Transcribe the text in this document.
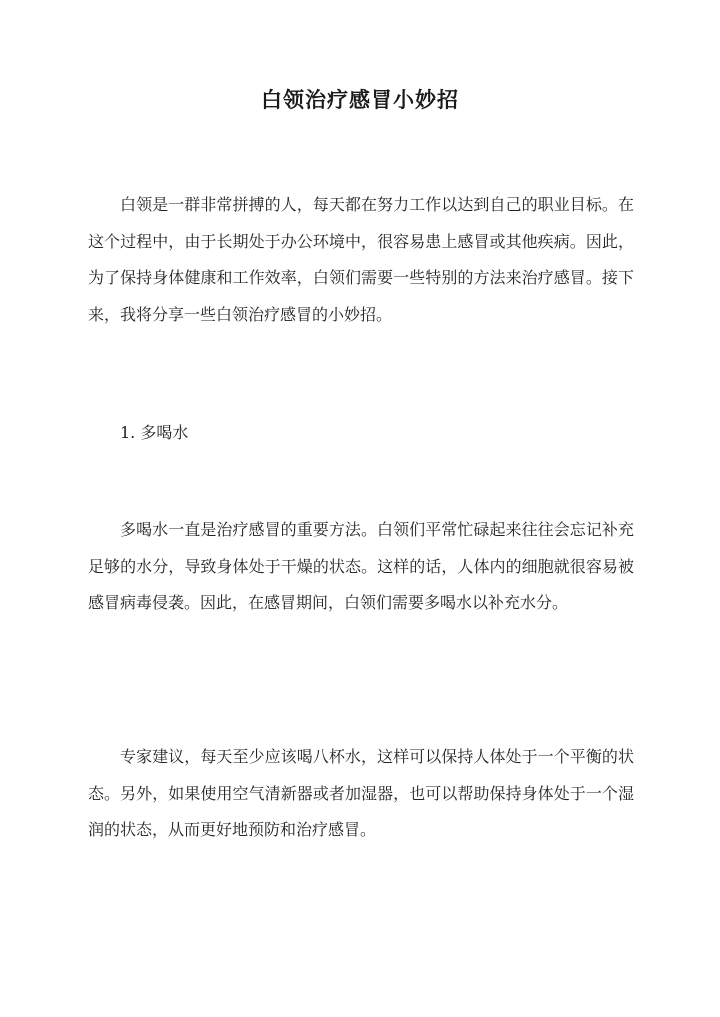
白领治疗感冒小妙招

白领是一群非常拼搏的人，每天都在努力工作以达到自己的职业目标。在这个过程中，由于长期处于办公环境中，很容易患上感冒或其他疾病。因此，为了保持身体健康和工作效率，白领们需要一些特别的方法来治疗感冒。接下来，我将分享一些白领治疗感冒的小妙招。

1. 多喝水

多喝水一直是治疗感冒的重要方法。白领们平常忙碌起来往往会忘记补充足够的水分，导致身体处于干燥的状态。这样的话，人体内的细胞就很容易被感冒病毒侵袭。因此，在感冒期间，白领们需要多喝水以补充水分。

专家建议，每天至少应该喝八杯水，这样可以保持人体处于一个平衡的状态。另外，如果使用空气清新器或者加湿器，也可以帮助保持身体处于一个湿润的状态，从而更好地预防和治疗感冒。
